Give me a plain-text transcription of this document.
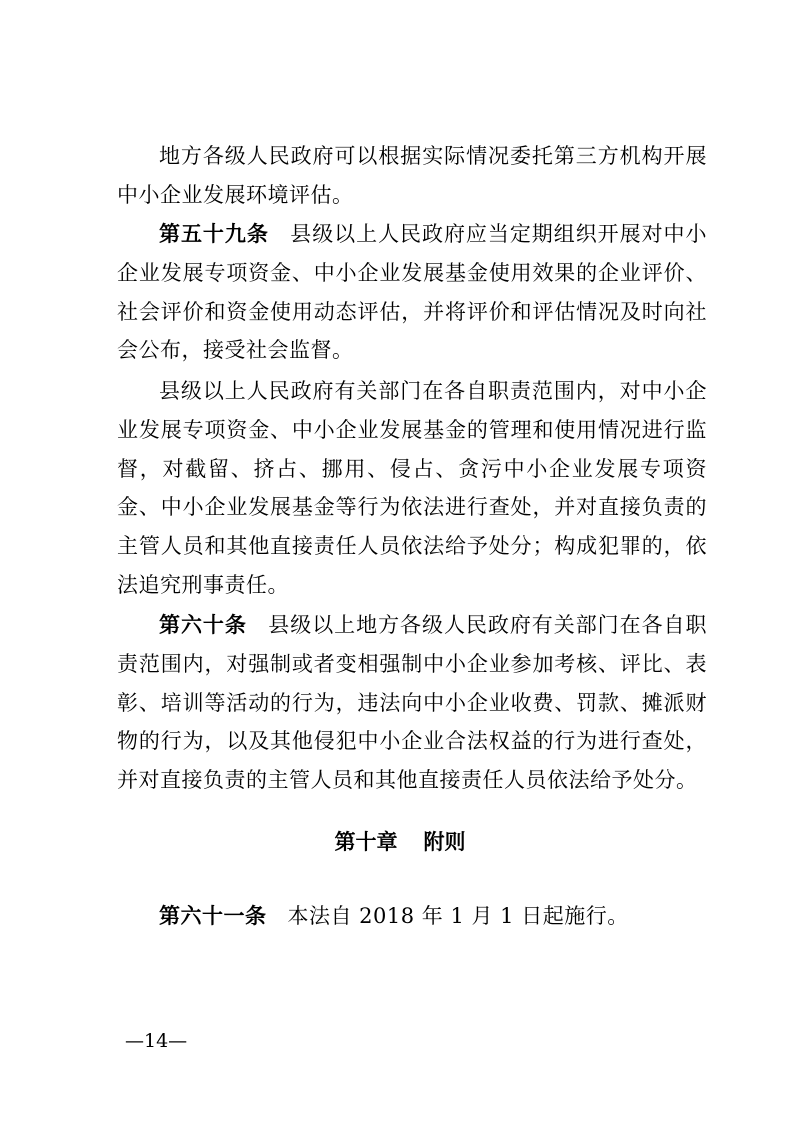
地方各级人民政府可以根据实际情况委托第三方机构开展中小企业发展环境评估。

第五十九条 县级以上人民政府应当定期组织开展对中小企业发展专项资金、中小企业发展基金使用效果的企业评价、社会评价和资金使用动态评估，并将评价和评估情况及时向社会公布，接受社会监督。

县级以上人民政府有关部门在各自职责范围内，对中小企业发展专项资金、中小企业发展基金的管理和使用情况进行监督，对截留、挤占、挪用、侵占、贪污中小企业发展专项资金、中小企业发展基金等行为依法进行查处，并对直接负责的主管人员和其他直接责任人员依法给予处分；构成犯罪的，依法追究刑事责任。

第六十条 县级以上地方各级人民政府有关部门在各自职责范围内，对强制或者变相强制中小企业参加考核、评比、表彰、培训等活动的行为，违法向中小企业收费、罚款、摊派财物的行为，以及其他侵犯中小企业合法权益的行为进行查处，并对直接负责的主管人员和其他直接责任人员依法给予处分。

第十章 附则

第六十一条 本法自 2018 年 1 月 1 日起施行。

—14—
